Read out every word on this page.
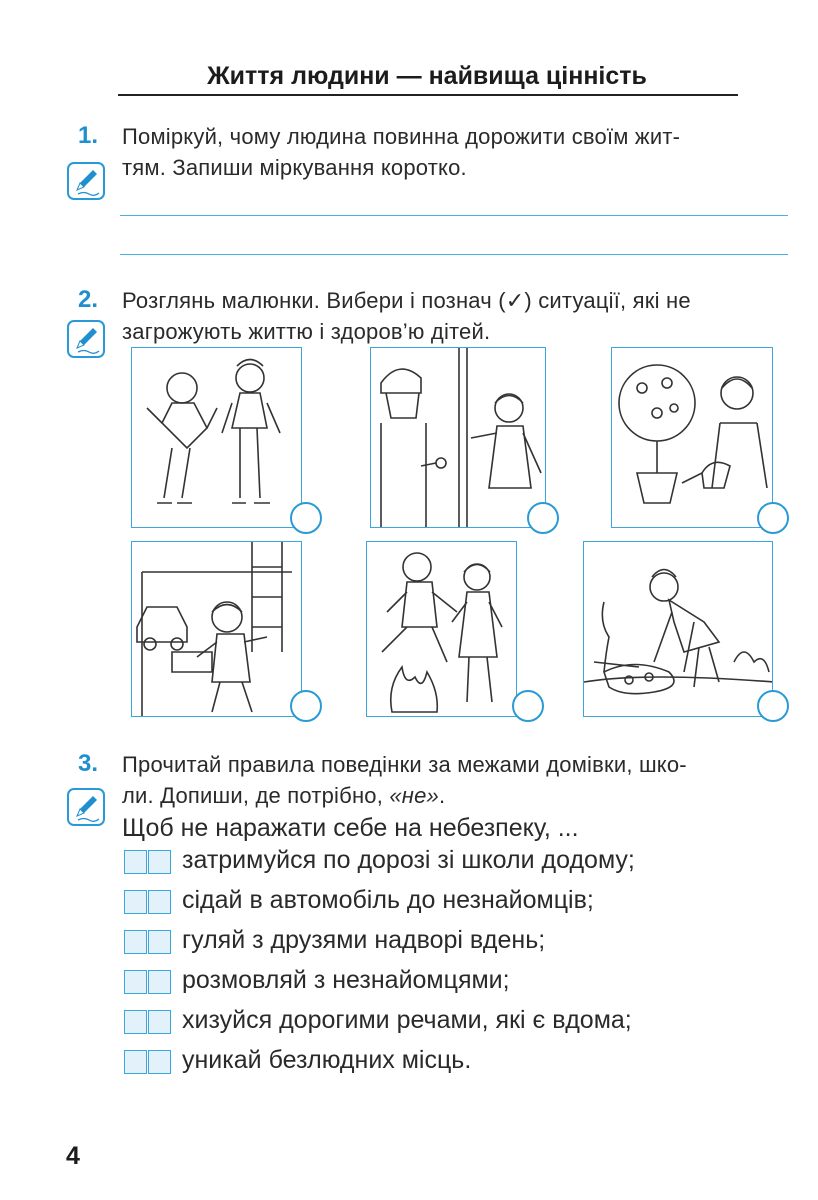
Життя людини — найвища цінність
1. Поміркуй, чому людина повинна дорожити своїм жит-
тям. Запиши міркування коротко.
2. Розглянь малюнки. Вибери і познач (✓) ситуації, які не
загрожують життю і здоров’ю дітей.
3. Прочитай правила поведінки за межами домівки, шко-
ли. Допиши, де потрібно, «не».
Щоб не наражати себе на небезпеку, ...
затримуйся по дорозі зі школи додому;
сідай в автомобіль до незнайомців;
гуляй з друзями надворі вдень;
розмовляй з незнайомцями;
хизуйся дорогими речами, які є вдома;
уникай безлюдних місць.
4
